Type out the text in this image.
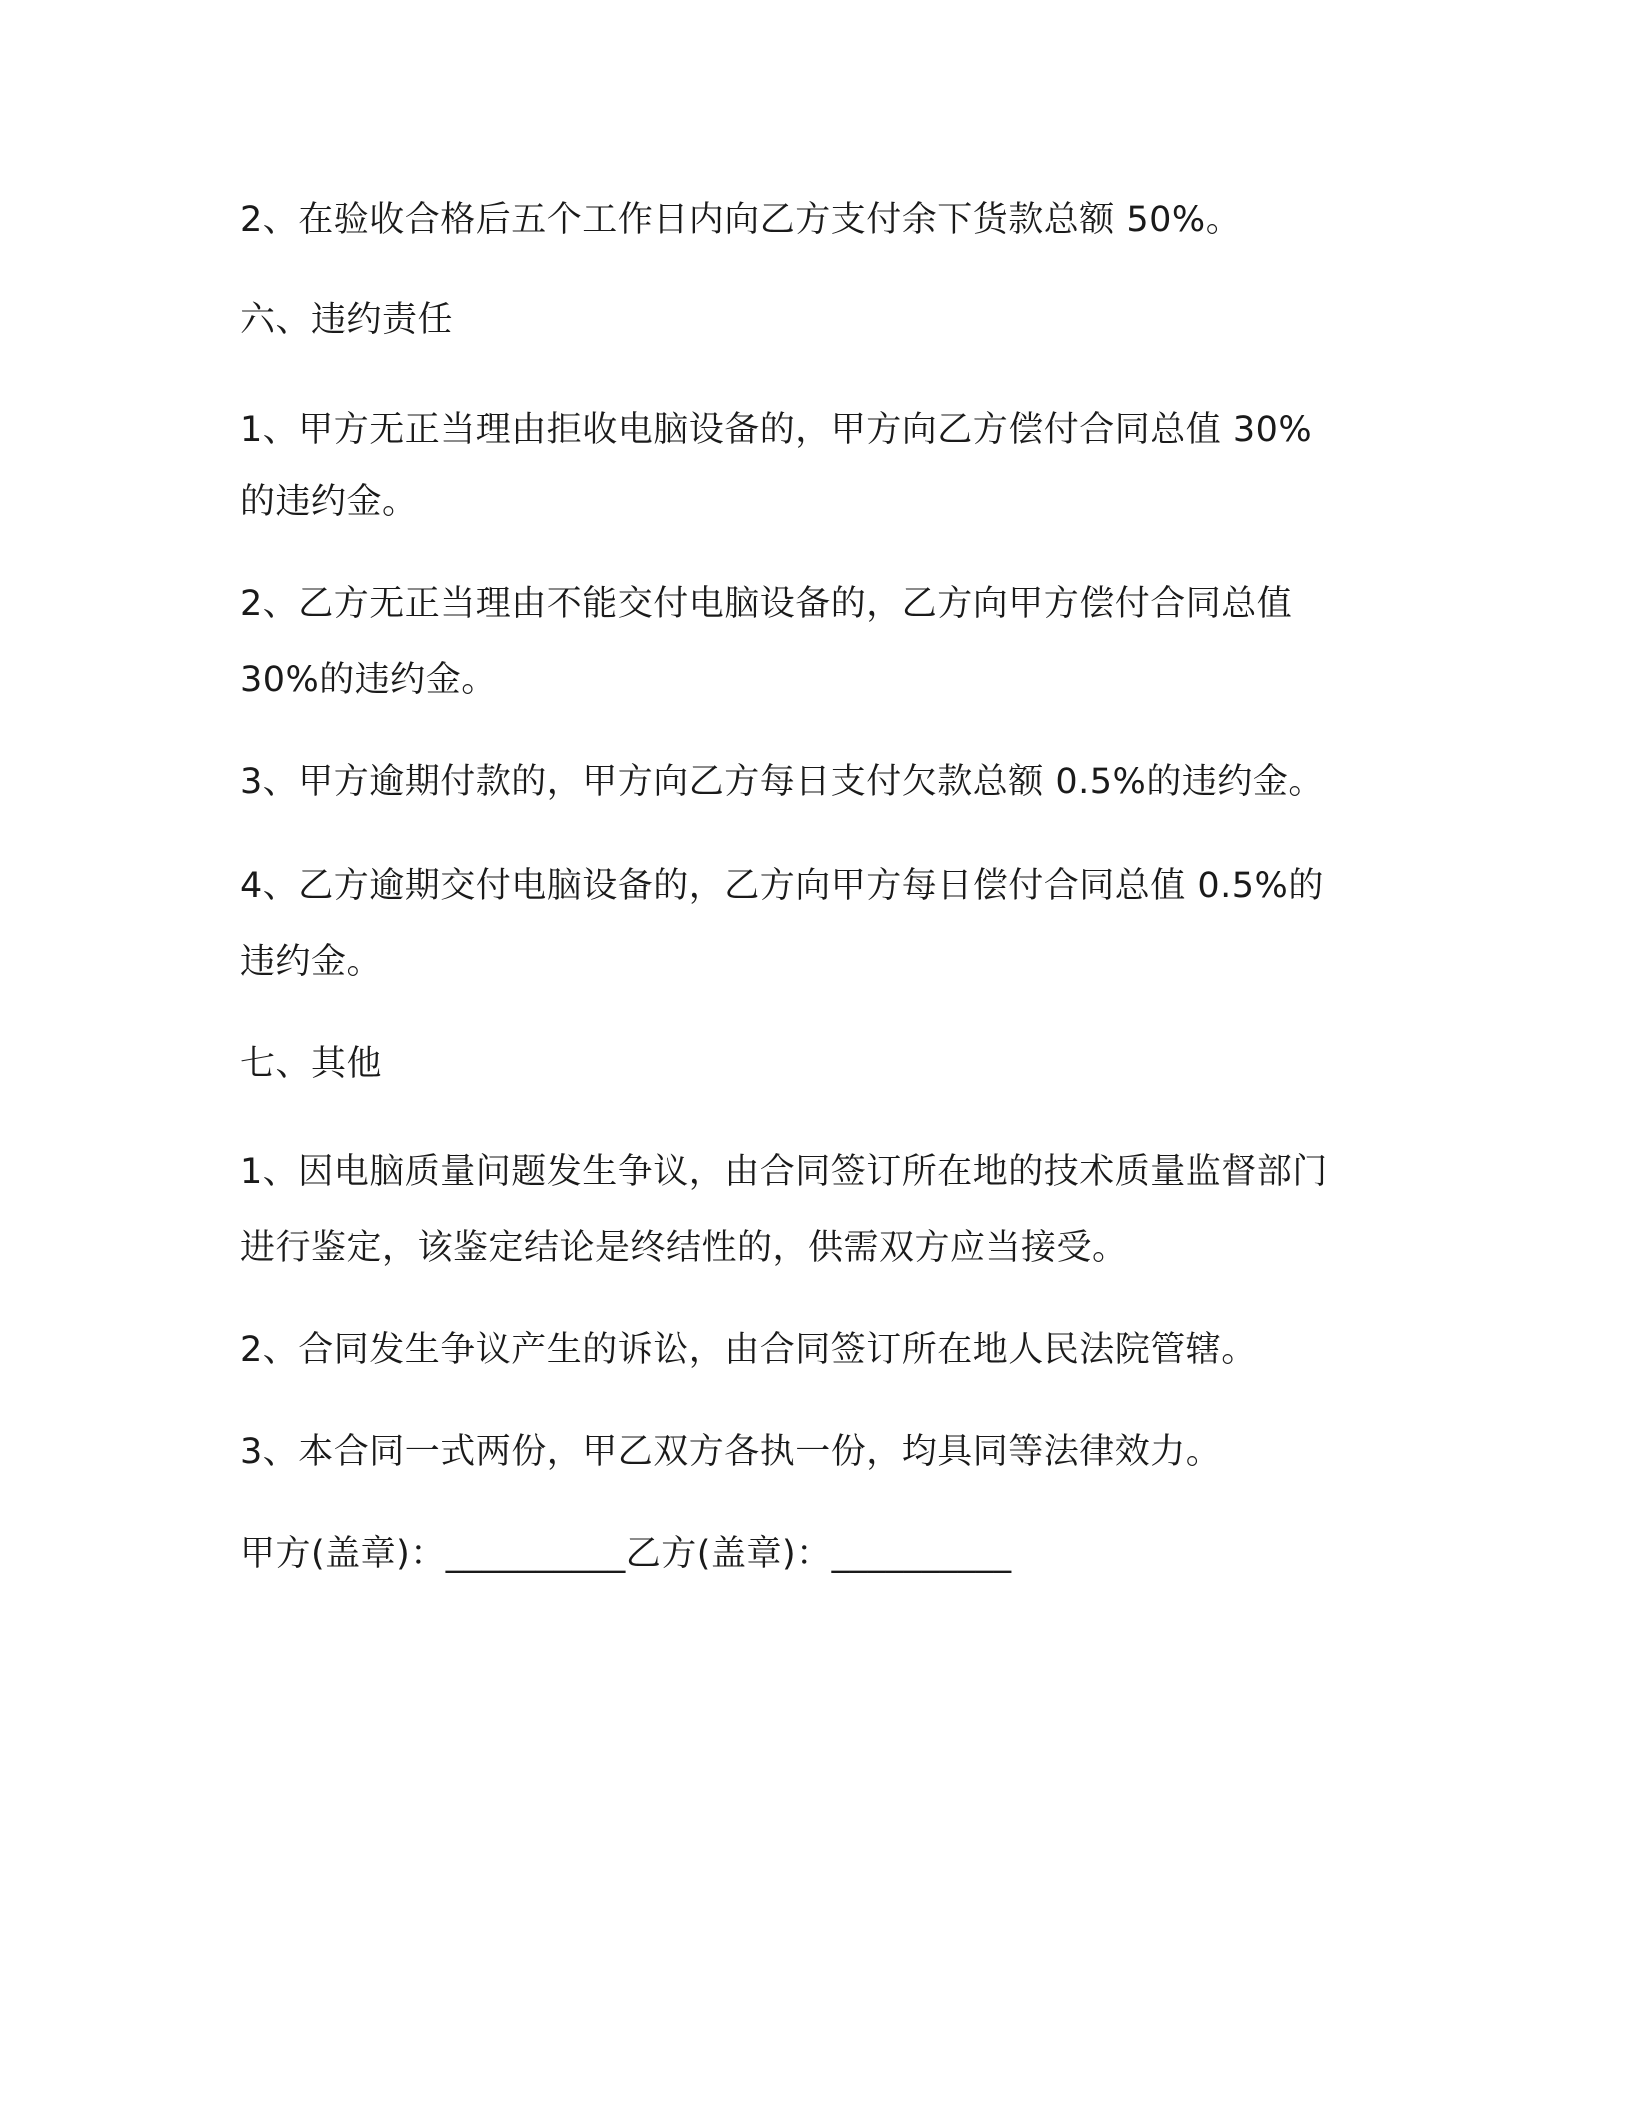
2、在验收合格后五个工作日内向乙方支付余下货款总额 50%。

六、违约责任

1、甲方无正当理由拒收电脑设备的，甲方向乙方偿付合同总值 30%

的违约金。

2、乙方无正当理由不能交付电脑设备的，乙方向甲方偿付合同总值

30%的违约金。

3、甲方逾期付款的，甲方向乙方每日支付欠款总额 0.5%的违约金。

4、乙方逾期交付电脑设备的，乙方向甲方每日偿付合同总值 0.5%的

违约金。

七、其他

1、因电脑质量问题发生争议，由合同签订所在地的技术质量监督部门

进行鉴定，该鉴定结论是终结性的，供需双方应当接受。

2、合同发生争议产生的诉讼，由合同签订所在地人民法院管辖。

3、本合同一式两份，甲乙双方各执一份，均具同等法律效力。

甲方(盖章)：__________乙方(盖章)：__________
